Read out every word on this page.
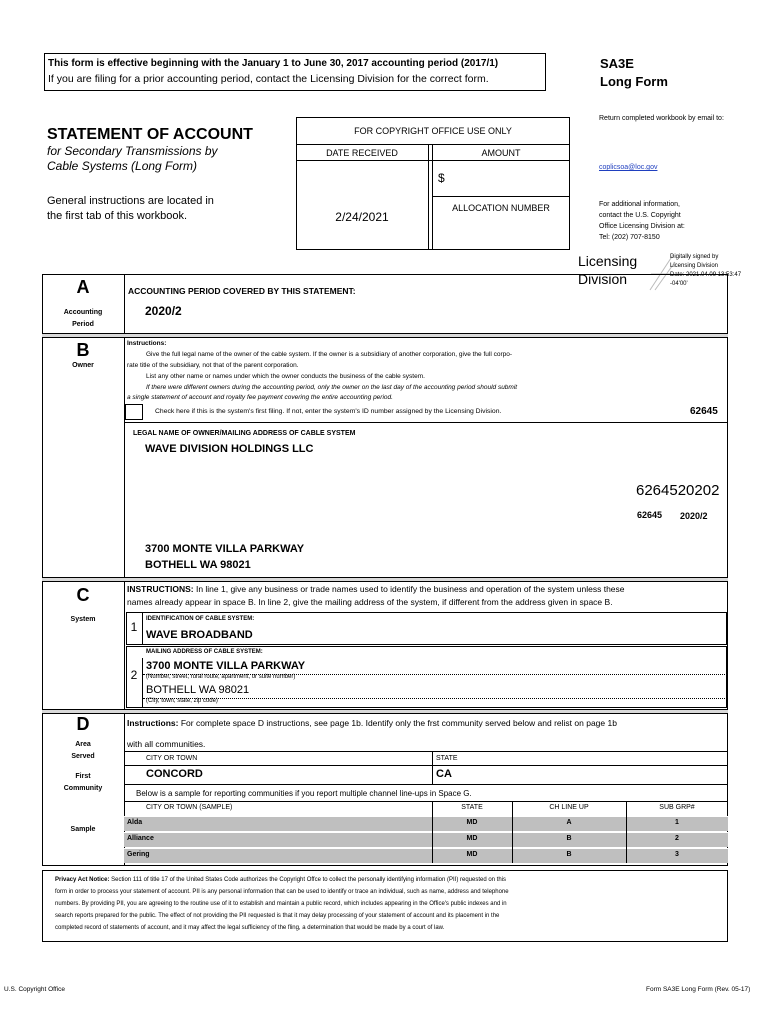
This form is effective beginning with the January 1 to June 30, 2017 accounting period (2017/1)
If you are filing for a prior accounting period, contact the Licensing Division for the correct form.
SA3E
Long Form
Return completed workbook by email to:
coplicsoa@loc.gov
For additional information,
contact the U.S. Copyright
Office Licensing Division at:
Tel: (202) 707-8150
Licensing
Division
Digitally signed by
Licensing Division
Date: 2021.04.09 13:53:47
-04'00'
STATEMENT OF ACCOUNT
for Secondary Transmissions by
Cable Systems (Long Form)
General instructions are located in
the first tab of this workbook.
FOR COPYRIGHT OFFICE USE ONLY
DATE RECEIVED	AMOUNT
$
ALLOCATION NUMBER
2/24/2021
A
Accounting
Period
ACCOUNTING PERIOD COVERED BY THIS STATEMENT:
2020/2
B
Owner
Instructions:
Give the full legal name of the owner of the cable system. If the owner is a subsidiary of another corporation, give the full corpo-
rate title of the subsidiary, not that of the parent corporation.
List any other name or names under which the owner conducts the business of the cable system.
If there were different owners during the accounting period, only the owner on the last day of the accounting period should submit
a single statement of account and royalty fee payment covering the entire accounting period.
Check here if this is the system's first filing. If not, enter the system's ID number assigned by the Licensing Division.	62645
LEGAL NAME OF OWNER/MAILING ADDRESS OF CABLE SYSTEM
WAVE DIVISION HOLDINGS LLC
6264520202
62645 2020/2
3700 MONTE VILLA PARKWAY
BOTHELL WA 98021
C
System
INSTRUCTIONS: In line 1, give any business or trade names used to identify the business and operation of the system unless these
names already appear in space B. In line 2, give the mailing address of the system, if different from the address given in space B.
1
IDENTIFICATION OF CABLE SYSTEM:
WAVE BROADBAND
MAILING ADDRESS OF CABLE SYSTEM:
2
3700 MONTE VILLA PARKWAY
(Number, street, rural route, apartment, or suite number)
BOTHELL WA 98021
(City, town, state, zip code)
D
Area
Served
First
Community
Sample
Instructions: For complete space D instructions, see page 1b. Identify only the frst community served below and relist on page 1b
with all communities.
CITY OR TOWN	STATE
CONCORD	CA
Below is a sample for reporting communities if you report multiple channel line-ups in Space G.
CITY OR TOWN (SAMPLE)	STATE	CH LINE UP	SUB GRP#
Alda	MD	A	1
Alliance	MD	B	2
Gering	MD	B	3
Privacy Act Notice: Section 111 of title 17 of the United States Code authorizes the Copyright Offce to collect the personally identifying information (PII) requested on this
form in order to process your statement of account. PII is any personal information that can be used to identify or trace an individual, such as name, address and telephone
numbers. By providing PII, you are agreeing to the routine use of it to establish and maintain a public record, which includes appearing in the Office's public indexes and in
search reports prepared for the public. The effect of not providing the PII requested is that it may delay processing of your statement of account and its placement in the
completed record of statements of account, and it may affect the legal sufficiency of the fling, a determination that would be made by a court of law.
U.S. Copyright Office	Form SA3E Long Form (Rev. 05-17)
